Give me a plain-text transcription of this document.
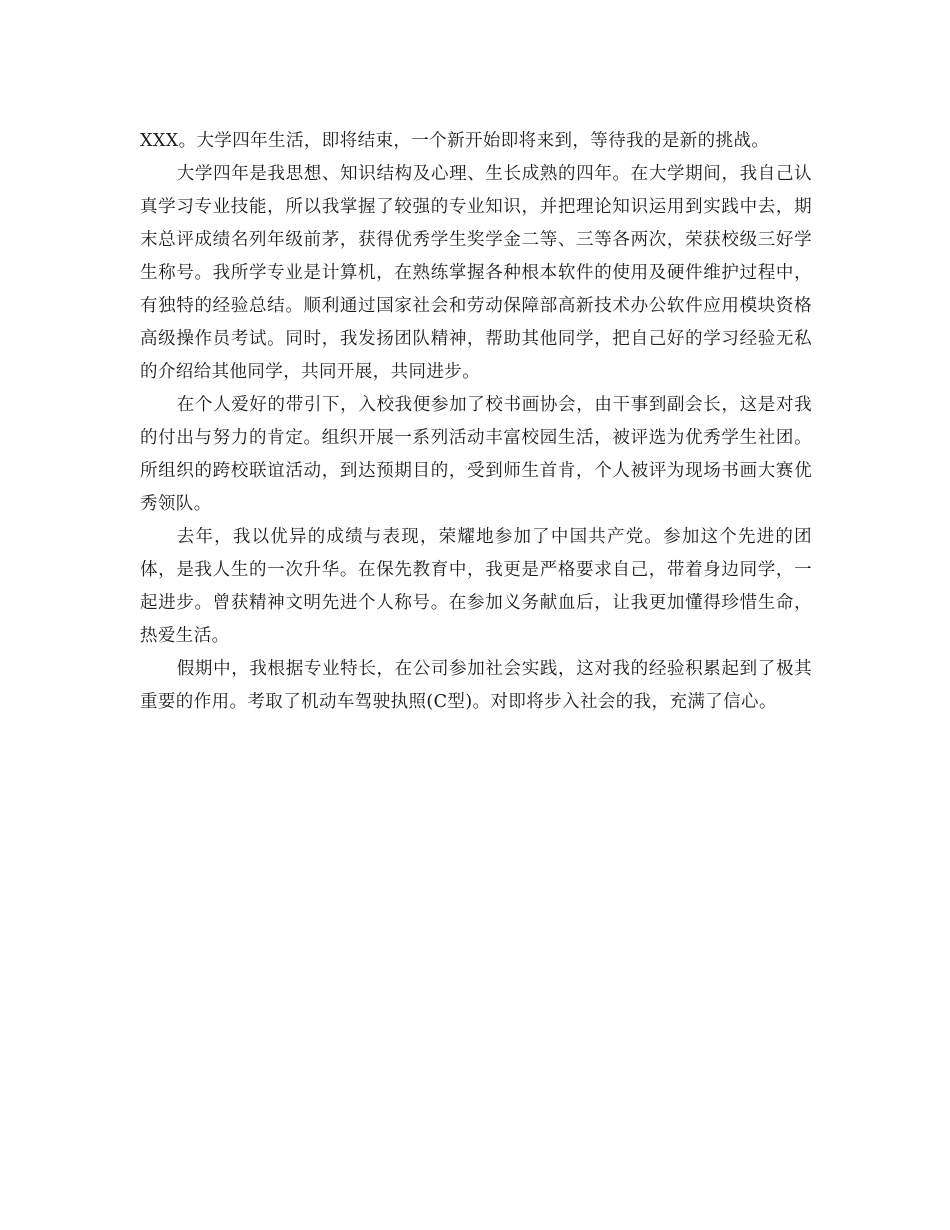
XXX。大学四年生活，即将结束，一个新开始即将来到，等待我的是新的挑战。

大学四年是我思想、知识结构及心理、生长成熟的四年。在大学期间，我自己认真学习专业技能，所以我掌握了较强的专业知识，并把理论知识运用到实践中去，期末总评成绩名列年级前茅，获得优秀学生奖学金二等、三等各两次，荣获校级三好学生称号。我所学专业是计算机，在熟练掌握各种根本软件的使用及硬件维护过程中，有独特的经验总结。顺利通过国家社会和劳动保障部高新技术办公软件应用模块资格高级操作员考试。同时，我发扬团队精神，帮助其他同学，把自己好的学习经验无私的介绍给其他同学，共同开展，共同进步。

在个人爱好的带引下，入校我便参加了校书画协会，由干事到副会长，这是对我的付出与努力的肯定。组织开展一系列活动丰富校园生活，被评选为优秀学生社团。所组织的跨校联谊活动，到达预期目的，受到师生首肯，个人被评为现场书画大赛优秀领队。

去年，我以优异的成绩与表现，荣耀地参加了中国共产党。参加这个先进的团体，是我人生的一次升华。在保先教育中，我更是严格要求自己，带着身边同学，一起进步。曾获精神文明先进个人称号。在参加义务献血后，让我更加懂得珍惜生命，热爱生活。

假期中，我根据专业特长，在公司参加社会实践，这对我的经验积累起到了极其重要的作用。考取了机动车驾驶执照(C型)。对即将步入社会的我，充满了信心。
